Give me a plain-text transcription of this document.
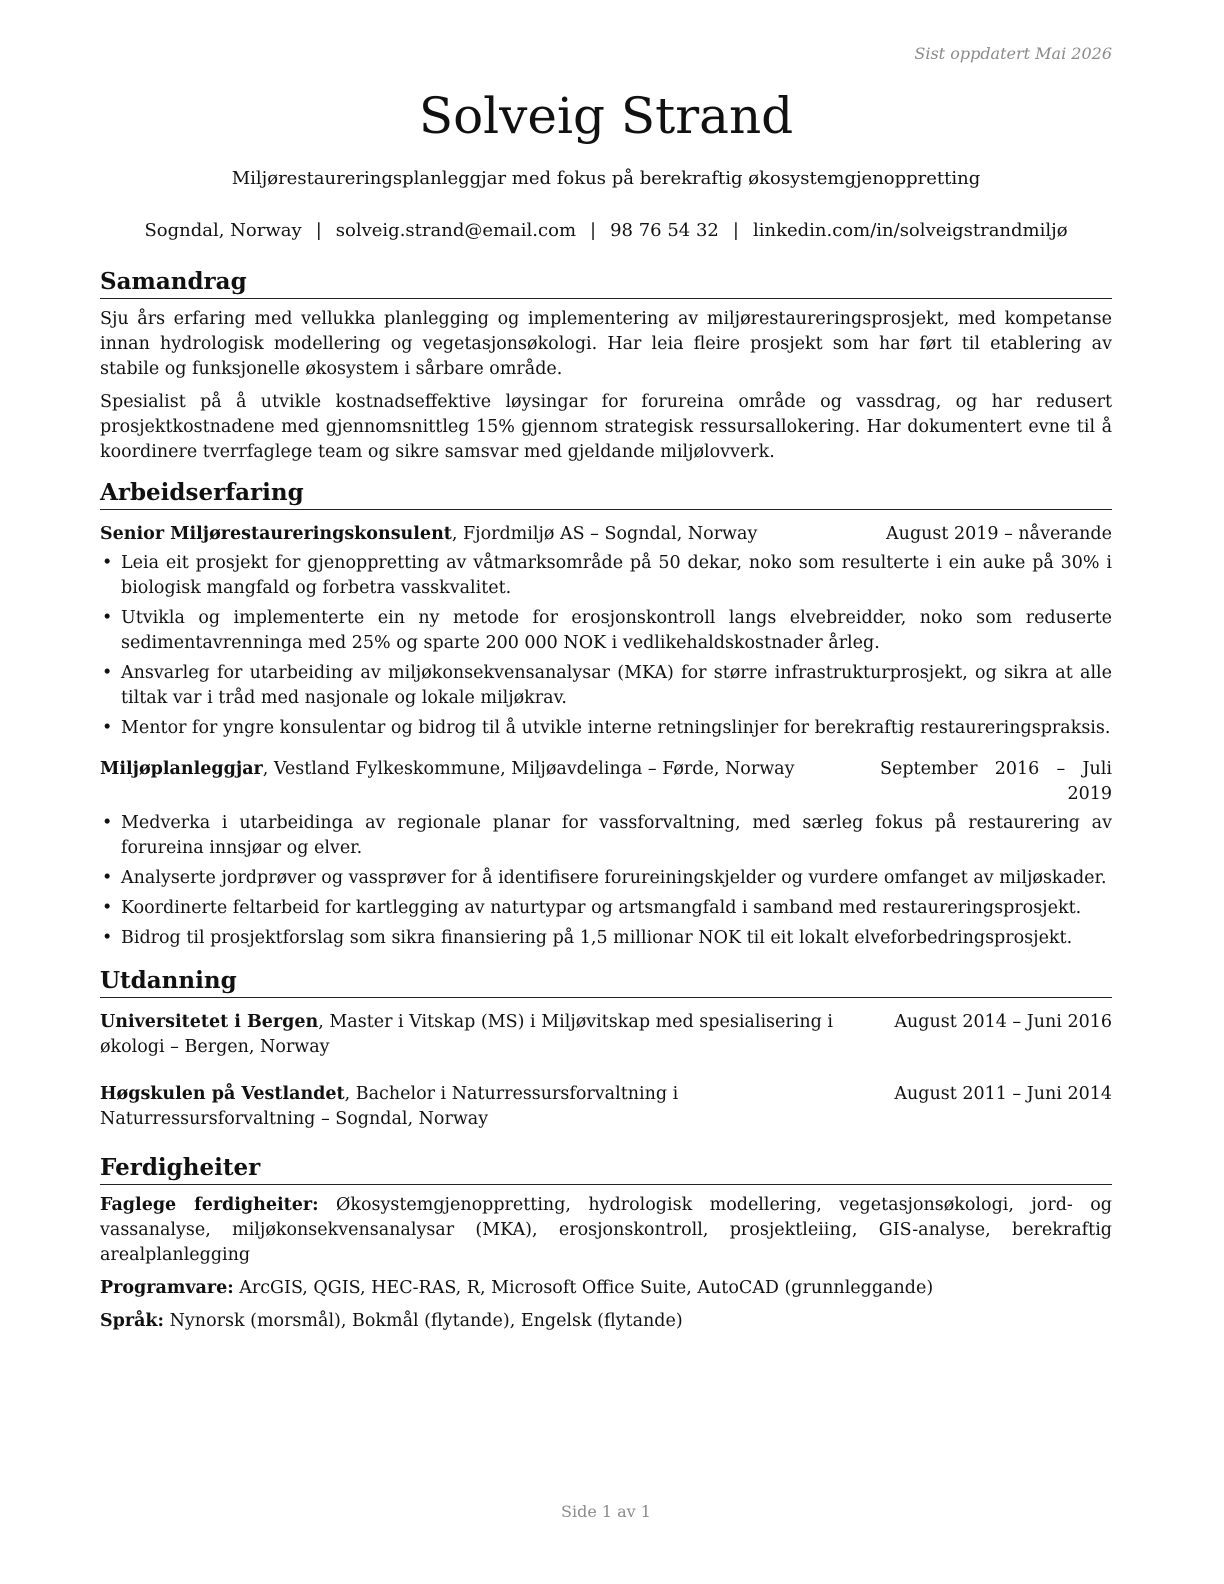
Sist oppdatert Mai 2026
Solveig Strand
Miljørestaureringsplanleggjar med fokus på berekraftig økosystemgjenoppretting
Sogndal, Norway | solveig.strand@email.com | 98 76 54 32 | linkedin.com/in/solveigstrandmiljø
Samandrag

Sju års erfaring med vellukka planlegging og implementering av miljørestaureringsprosjekt, med kompetanse innan hydrologisk modellering og vegetasjonsøkologi. Har leia fleire prosjekt som har ført til etablering av stabile og funksjonelle økosystem i sårbare område.

Spesialist på å utvikle kostnadseffektive løysingar for forureina område og vassdrag, og har redusert prosjektkostnadene med gjennomsnittleg 15% gjennom strategisk ressursallokering. Har dokumentert evne til å koordinere tverrfaglege team og sikre samsvar med gjeldande miljølovverk.

Arbeidserfaring
Senior Miljørestaureringskonsulent, Fjordmiljø AS – Sogndal, Norway	August 2019 – nåverande
• Leia eit prosjekt for gjenoppretting av våtmarksområde på 50 dekar, noko som resulterte i ein auke på 30% i biologisk mangfald og forbetra vasskvalitet.
• Utvikla og implementerte ein ny metode for erosjonskontroll langs elvebreidder, noko som reduserte sedimentavrenninga med 25% og sparte 200 000 NOK i vedlikehaldskostnader årleg.
• Ansvarleg for utarbeiding av miljøkonsekvensanalysar (MKA) for større infrastrukturprosjekt, og sikra at alle tiltak var i tråd med nasjonale og lokale miljøkrav.
• Mentor for yngre konsulentar og bidrog til å utvikle interne retningslinjer for berekraftig restaureringspraksis.
Miljøplanleggjar, Vestland Fylkeskommune, Miljøavdelinga – Førde, Norway	September 2016 – Juli 2019
• Medverka i utarbeidinga av regionale planar for vassforvaltning, med særleg fokus på restaurering av forureina innsjøar og elver.
• Analyserte jordprøver og vassprøver for å identifisere forureiningskjelder og vurdere omfanget av miljøskader.
• Koordinerte feltarbeid for kartlegging av naturtypar og artsmangfald i samband med restaureringsprosjekt.
• Bidrog til prosjektforslag som sikra finansiering på 1,5 millionar NOK til eit lokalt elveforbedringsprosjekt.
Utdanning
Universitetet i Bergen, Master i Vitskap (MS) i Miljøvitskap med spesialisering i økologi – Bergen, Norway
August 2014 – Juni 2016
Høgskulen på Vestlandet, Bachelor i Naturressursforvaltning i Naturressursforvaltning – Sogndal, Norway
August 2011 – Juni 2014
Ferdigheiter

Faglege ferdigheiter: Økosystemgjenoppretting, hydrologisk modellering, vegetasjonsøkologi, jord- og vassanalyse, miljøkonsekvensanalysar (MKA), erosjonskontroll, prosjektleiing, GIS-analyse, berekraftig arealplanlegging

Programvare: ArcGIS, QGIS, HEC-RAS, R, Microsoft Office Suite, AutoCAD (grunnleggande)

Språk: Nynorsk (morsmål), Bokmål (flytande), Engelsk (flytande)

Side 1 av 1
